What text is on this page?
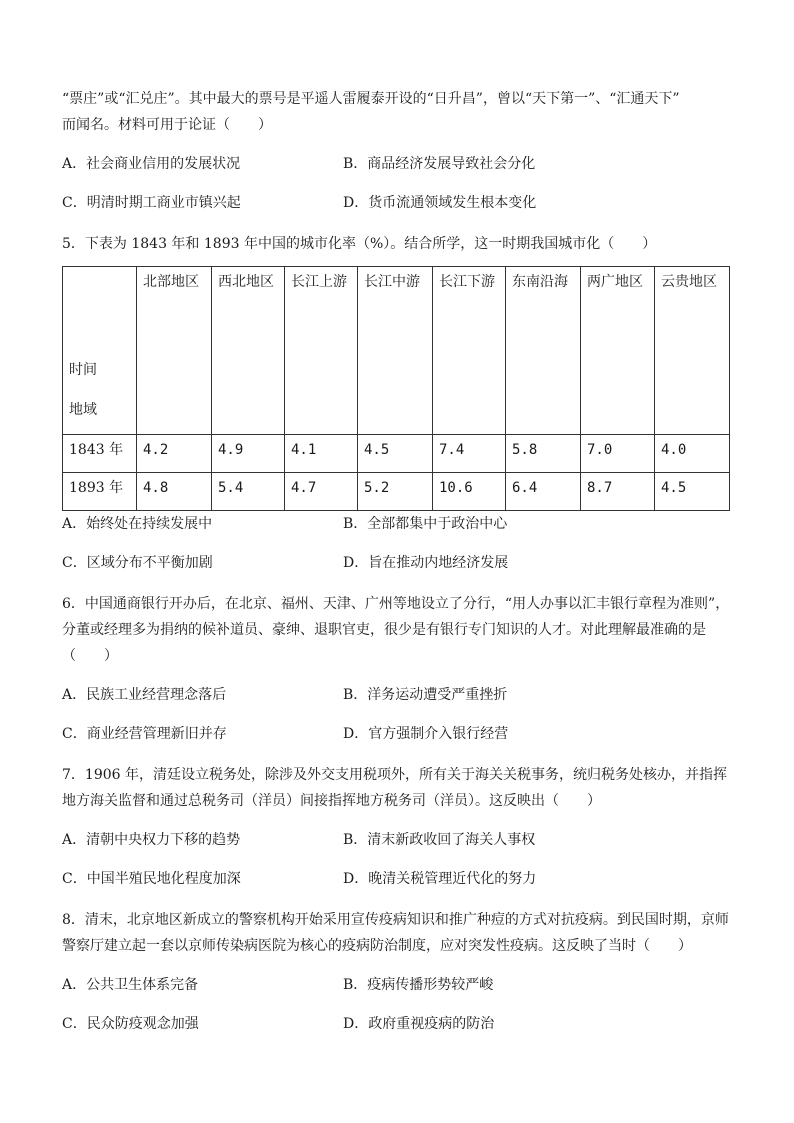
“票庄”或“汇兑庄”。其中最大的票号是平遥人雷履泰开设的“日升昌”，曾以“天下第一”、“汇通天下”
而闻名。材料可用于论证（　　）

A．社会商业信用的发展状况	B．商品经济发展导致社会分化
C．明清时期工商业市镇兴起	D．货币流通领域发生根本变化

5．下表为 1843 年和 1893 年中国的城市化率（%）。结合所学，这一时期我国城市化（　　）

时间
地域	北部地区	西北地区	长江上游	长江中游	长江下游	东南沿海	两广地区	云贵地区
1843 年	4.2	4.9	4.1	4.5	7.4	5.8	7.0	4.0
1893 年	4.8	5.4	4.7	5.2	10.6	6.4	8.7	4.5
A．始终处在持续发展中	B．全部都集中于政治中心
C．区域分布不平衡加剧	D．旨在推动内地经济发展

6．中国通商银行开办后，在北京、福州、天津、广州等地设立了分行，“用人办事以汇丰银行章程为准则”，
分董或经理多为捐纳的候补道员、豪绅、退职官吏，很少是有银行专门知识的人才。对此理解最准确的是
（　　）

A．民族工业经营理念落后	B．洋务运动遭受严重挫折
C．商业经营管理新旧并存	D．官方强制介入银行经营

7．1906 年，清廷设立税务处，除涉及外交支用税项外，所有关于海关关税事务，统归税务处核办，并指挥
地方海关监督和通过总税务司（洋员）间接指挥地方税务司（洋员）。这反映出（　　）

A．清朝中央权力下移的趋势	B．清末新政收回了海关人事权
C．中国半殖民地化程度加深	D．晚清关税管理近代化的努力

8．清末，北京地区新成立的警察机构开始采用宣传疫病知识和推广种痘的方式对抗疫病。到民国时期，京师
警察厅建立起一套以京师传染病医院为核心的疫病防治制度，应对突发性疫病。这反映了当时（　　）

A．公共卫生体系完备	B．疫病传播形势较严峻
C．民众防疫观念加强	D．政府重视疫病的防治
